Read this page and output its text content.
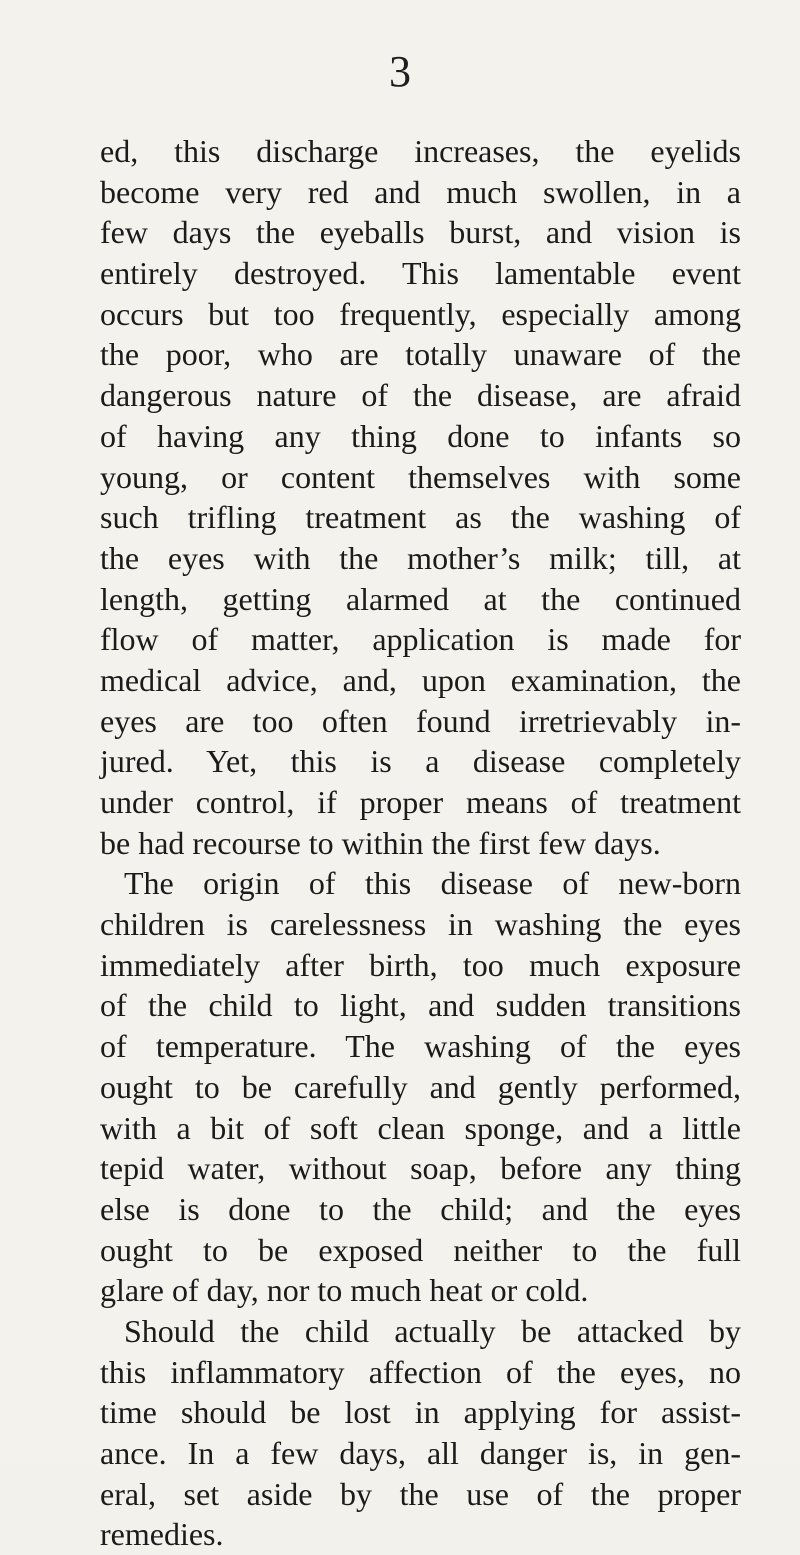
3
ed, this discharge increases, the eyelids
become very red and much swollen, in a
few days the eyeballs burst, and vision is
entirely destroyed. This lamentable event
occurs but too frequently, especially among
the poor, who are totally unaware of the
dangerous nature of the disease, are afraid
of having any thing done to infants so
young, or content themselves with some
such trifling treatment as the washing of
the eyes with the mother’s milk; till, at
length, getting alarmed at the continued
flow of matter, application is made for
medical advice, and, upon examination, the
eyes are too often found irretrievably in-
jured. Yet, this is a disease completely
under control, if proper means of treatment
be had recourse to within the first few days.
The origin of this disease of new-born
children is carelessness in washing the eyes
immediately after birth, too much exposure
of the child to light, and sudden transitions
of temperature. The washing of the eyes
ought to be carefully and gently performed,
with a bit of soft clean sponge, and a little
tepid water, without soap, before any thing
else is done to the child; and the eyes
ought to be exposed neither to the full
glare of day, nor to much heat or cold.
Should the child actually be attacked by
this inflammatory affection of the eyes, no
time should be lost in applying for assist-
ance. In a few days, all danger is, in gen-
eral, set aside by the use of the proper
remedies.
